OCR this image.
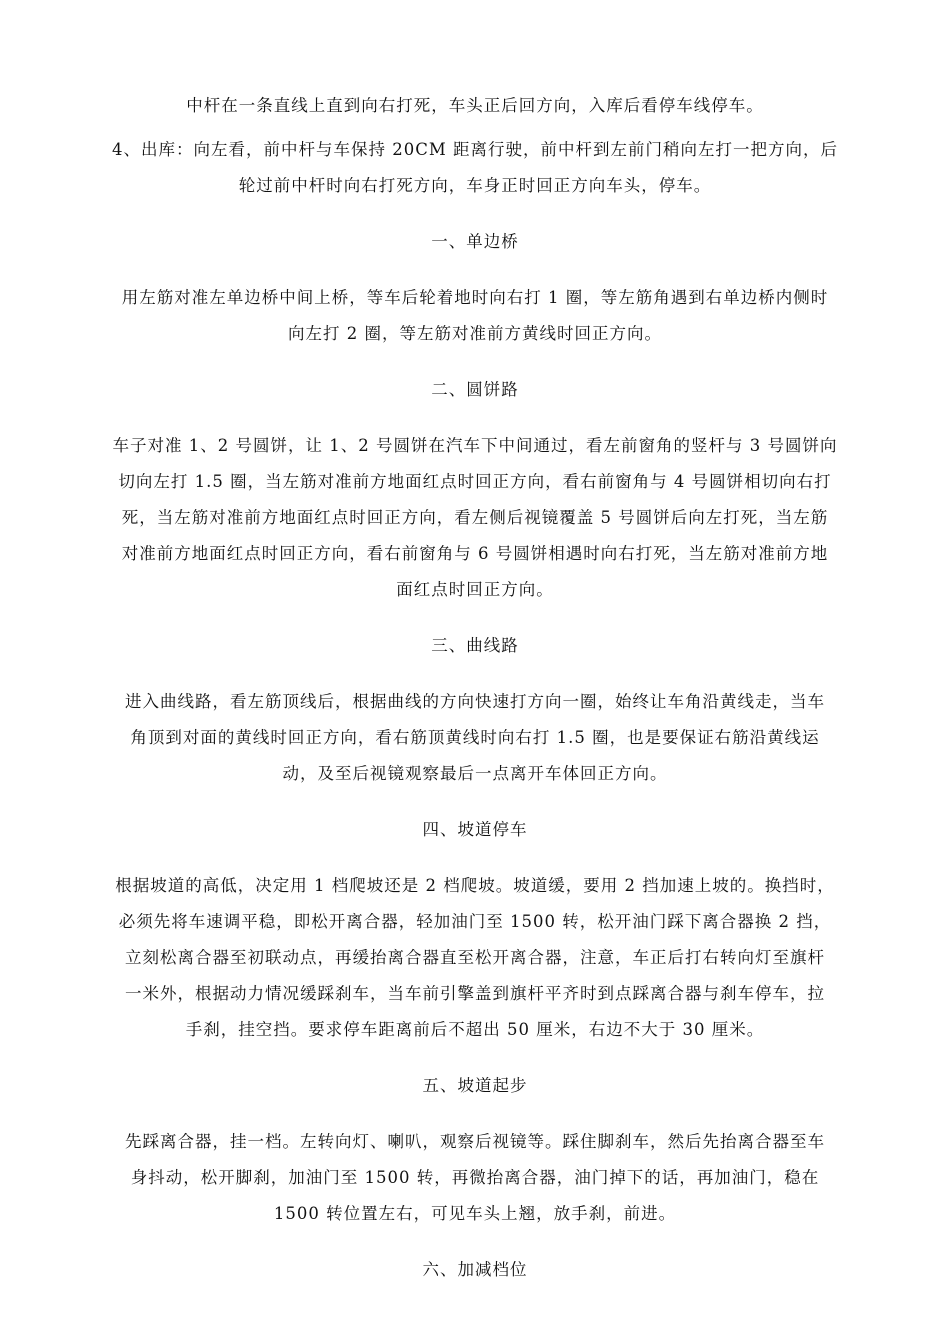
中杆在一条直线上直到向右打死，车头正后回方向，入库后看停车线停车。

4、出库：向左看，前中杆与车保持 20CM 距离行驶，前中杆到左前门稍向左打一把方向，后

轮过前中杆时向右打死方向，车身正时回正方向车头，停车。

一、单边桥

用左筋对准左单边桥中间上桥，等车后轮着地时向右打 1 圈，等左筋角遇到右单边桥内侧时

向左打 2 圈，等左筋对准前方黄线时回正方向。

二、圆饼路

车子对准 1、2 号圆饼，让 1、2 号圆饼在汽车下中间通过，看左前窗角的竖杆与 3 号圆饼向

切向左打 1.5 圈，当左筋对准前方地面红点时回正方向，看右前窗角与 4 号圆饼相切向右打

死，当左筋对准前方地面红点时回正方向，看左侧后视镜覆盖 5 号圆饼后向左打死，当左筋

对准前方地面红点时回正方向，看右前窗角与 6 号圆饼相遇时向右打死，当左筋对准前方地

面红点时回正方向。

三、曲线路

进入曲线路，看左筋顶线后，根据曲线的方向快速打方向一圈，始终让车角沿黄线走，当车

角顶到对面的黄线时回正方向，看右筋顶黄线时向右打 1.5 圈，也是要保证右筋沿黄线运

动，及至后视镜观察最后一点离开车体回正方向。

四、坡道停车

根据坡道的高低，决定用 1 档爬坡还是 2 档爬坡。坡道缓，要用 2 挡加速上坡的。换挡时，

必须先将车速调平稳，即松开离合器，轻加油门至 1500 转，松开油门踩下离合器换 2 挡，

立刻松离合器至初联动点，再缓抬离合器直至松开离合器，注意，车正后打右转向灯至旗杆

一米外，根据动力情况缓踩刹车，当车前引擎盖到旗杆平齐时到点踩离合器与刹车停车，拉

手刹，挂空挡。要求停车距离前后不超出 50 厘米，右边不大于 30 厘米。

五、坡道起步

先踩离合器，挂一档。左转向灯、喇叭，观察后视镜等。踩住脚刹车，然后先抬离合器至车

身抖动，松开脚刹，加油门至 1500 转，再微抬离合器，油门掉下的话，再加油门，稳在

1500 转位置左右，可见车头上翘，放手刹，前进。

六、加减档位
